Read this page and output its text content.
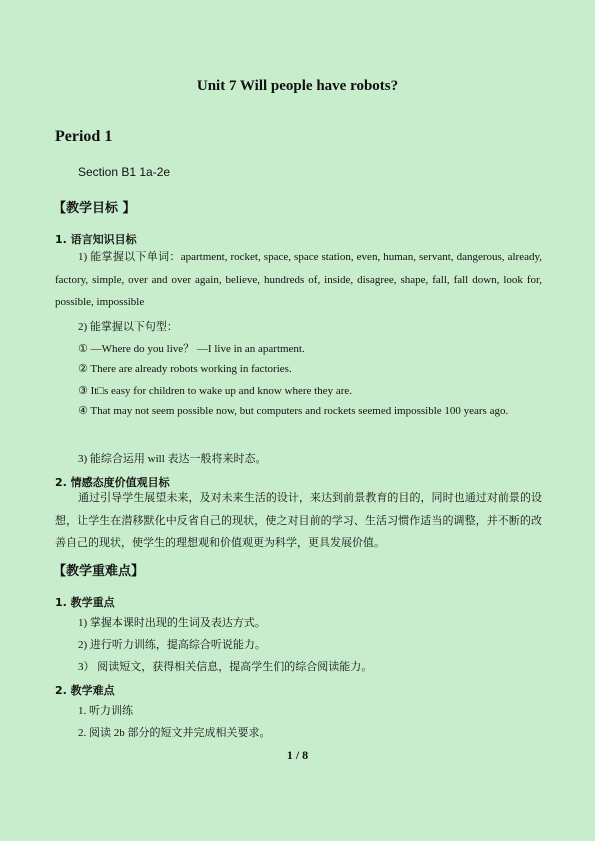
Unit 7 Will people have robots?
Period 1
Section B1 1a-2e
【教学目标 】
1. 语言知识目标
1) 能掌握以下单词：apartment, rocket, space, space station, even, human, servant, dangerous, already, factory, simple, over and over again, believe, hundreds of, inside, disagree, shape, fall, fall down, look for, possible, impossible
2) 能掌握以下句型：
① —Where do you live？ —I live in an apartment.
② There are already robots working in factories.
③ It□s easy for children to wake up and know where they are.
④ That may not seem possible now, but computers and rockets seemed impossible 100 years ago.
3) 能综合运用 will 表达一般将来时态。
2. 情感态度价值观目标
通过引导学生展望未来，及对未来生活的设计，来达到前景教育的目的，同时也通过对前景的设想，让学生在潜移默化中反省自己的现状，使之对目前的学习、生活习惯作适当的调整，并不断的改善自己的现状，使学生的理想观和价值观更为科学，更具发展价值。
【教学重难点】
1. 教学重点
1) 掌握本课时出现的生词及表达方式。
2) 进行听力训练，提高综合听说能力。
3） 阅读短文，获得相关信息，提高学生们的综合阅读能力。
2. 教学难点
1. 听力训练
2. 阅读 2b 部分的短文并完成相关要求。
1 / 8
